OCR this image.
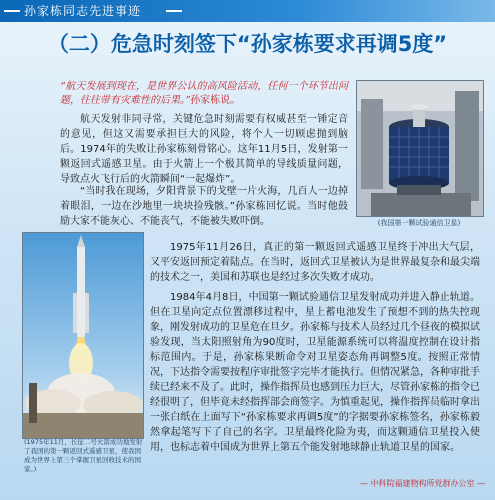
孙家栋同志先进事迹
（二）危急时刻签下“孙家栋要求再调5度”
“航天发展到现在，是世界公认的高风险活动，任何一个环节出问题，往往带有灾难性的后果。”孙家栋说。
航天发射非同寻常，关键危急时刻需要有权威甚至一锤定音的意见，但这又需要承担巨大的风险，将个人一切顾虑抛到脑后。1974年的失败让孙家栋刻骨铭心。这年11月5日，发射第一颗返回式遥感卫星。由于火箭上一个极其简单的导线质量问题，导致点火飞行后的火箭瞬间“一起爆炸”。
“当时我在现场，夕阳背景下的戈壁一片火海，几百人一边掉着眼泪，一边在沙地里一块块捡残骸。”孙家栋回忆说。当时他鼓励大家不能灰心、不能丧气，不能被失败吓倒。	(我国第一颗试验通信卫星)
(1975年11月，长征二号火箭成功地发射了我国的第一颗返回式遥感卫星，使我国成为世界上第三个掌握卫星回收技术的国家。)
1975年11月26日，真正的第一颗返回式遥感卫星终于冲出大气层，又平安返回预定着陆点。在当时，返回式卫星被认为是世界最复杂和最尖端的技术之一，美国和苏联也是经过多次失败才成功。
1984年4月8日，中国第一颗试验通信卫星发射成功并进入静止轨道。但在卫星向定点位置漂移过程中，星上蓄电池发生了预想不到的热失控现象，刚发射成功的卫星危在旦夕。孙家栋与技术人员经过几个昼夜的模拟试验发现，当太阳照射角为90度时，卫星能源系统可以将温度控制在设计指标范围内。于是，孙家栋果断命令对卫星姿态角再调整5度。按照正常情况，下达指令需要按程序审批签字完毕才能执行。但情况紧急，各种审批手续已经来不及了。此时，操作指挥员也感到压力巨大，尽管孙家栋的指令已经很明了，但毕竟未经指挥部会商签字。为慎重起见，操作指挥员临时拿出一张白纸在上面写下“孙家栋要求再调5度”的字据要孙家栋签名，孙家栋毅然拿起笔写下了自己的名字。卫星最终化险为夷，而这颗通信卫星投入使用，也标志着中国成为世界上第五个能发射地球静止轨道卫星的国家。
— 中科院福建物构所党群办公室 —
